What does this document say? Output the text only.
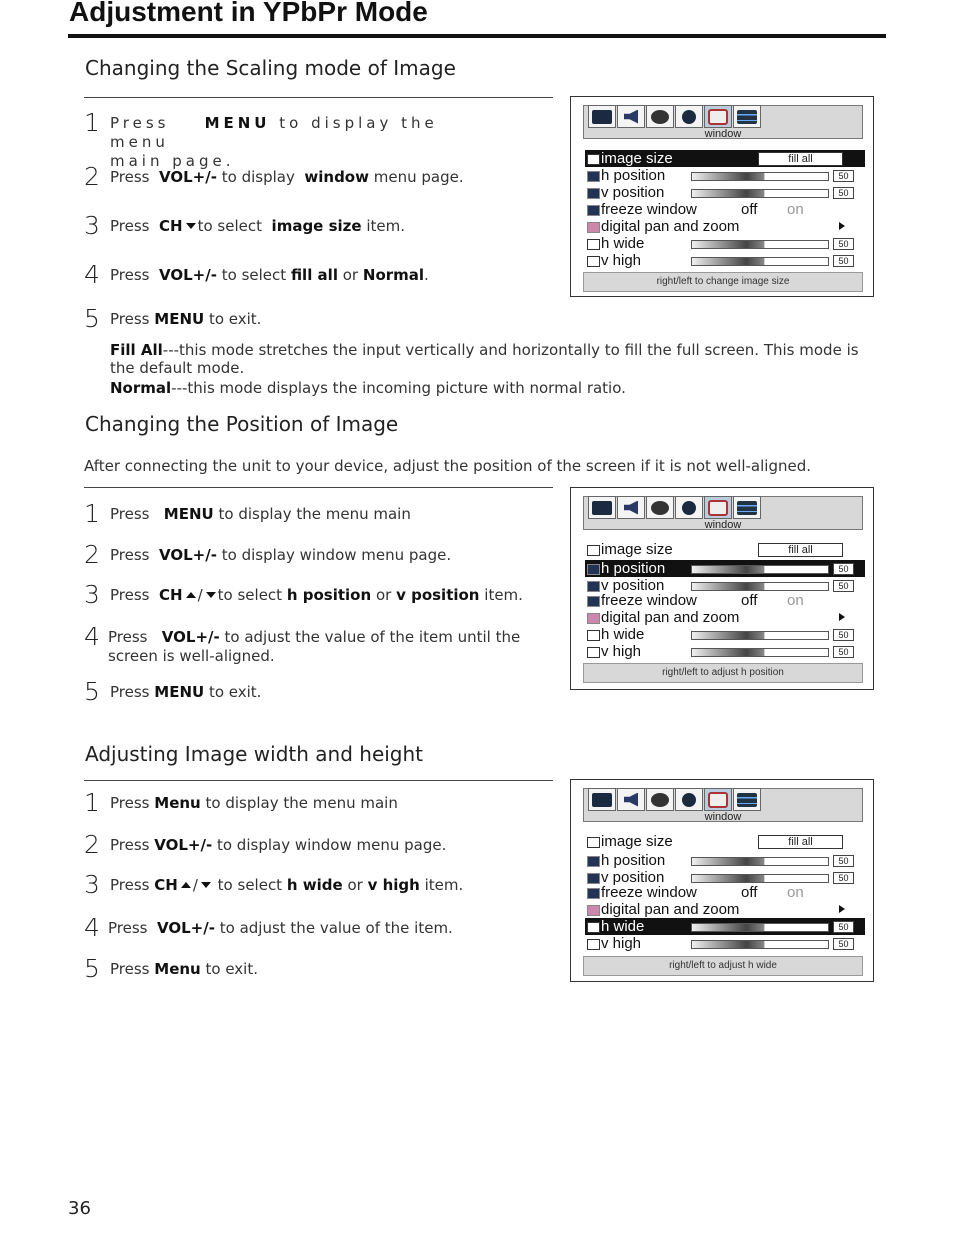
Adjustment in YPbPr Mode
Changing the Scaling mode of Image
1 Press MENU to display the menu
main page.
2 Press VOL+/- to display window menu page.
3 Press CH to select image size item.
4 Press VOL+/- to select fill all or Normal.
5 Press MENU to exit.
Fill All---this mode stretches the input vertically and horizontally to fill the full screen. This mode is the default mode.
Normal---this mode displays the incoming picture with normal ratio.
window
image size	fill all
h position	50
v position	50
freeze window	off on
digital pan and zoom
h wide	50
v high	50
right/left to change image size
Changing the Position of Image
After connecting the unit to your device, adjust the position of the screen if it is not well-aligned.
1 Press MENU to display the menu main
2 Press VOL+/- to display window menu page.
3 Press CH / to select h position or v position item.
4 Press VOL+/- to adjust the value of the item until the
screen is well-aligned.
5 Press MENU to exit.
window
image size	fill all
h position	50
v position	50
freeze window	off on
digital pan and zoom
h wide	50
v high	50
right/left to adjust h position
Adjusting Image width and height
1 Press Menu to display the menu main
2 Press VOL+/- to display window menu page.
3 Press CH / to select h wide or v high item.
4 Press VOL+/- to adjust the value of the item.
5 Press Menu to exit.
window
image size	fill all
h position	50
v position	50
freeze window	off on
digital pan and zoom
h wide	50
v high	50
right/left to adjust h wide
36
